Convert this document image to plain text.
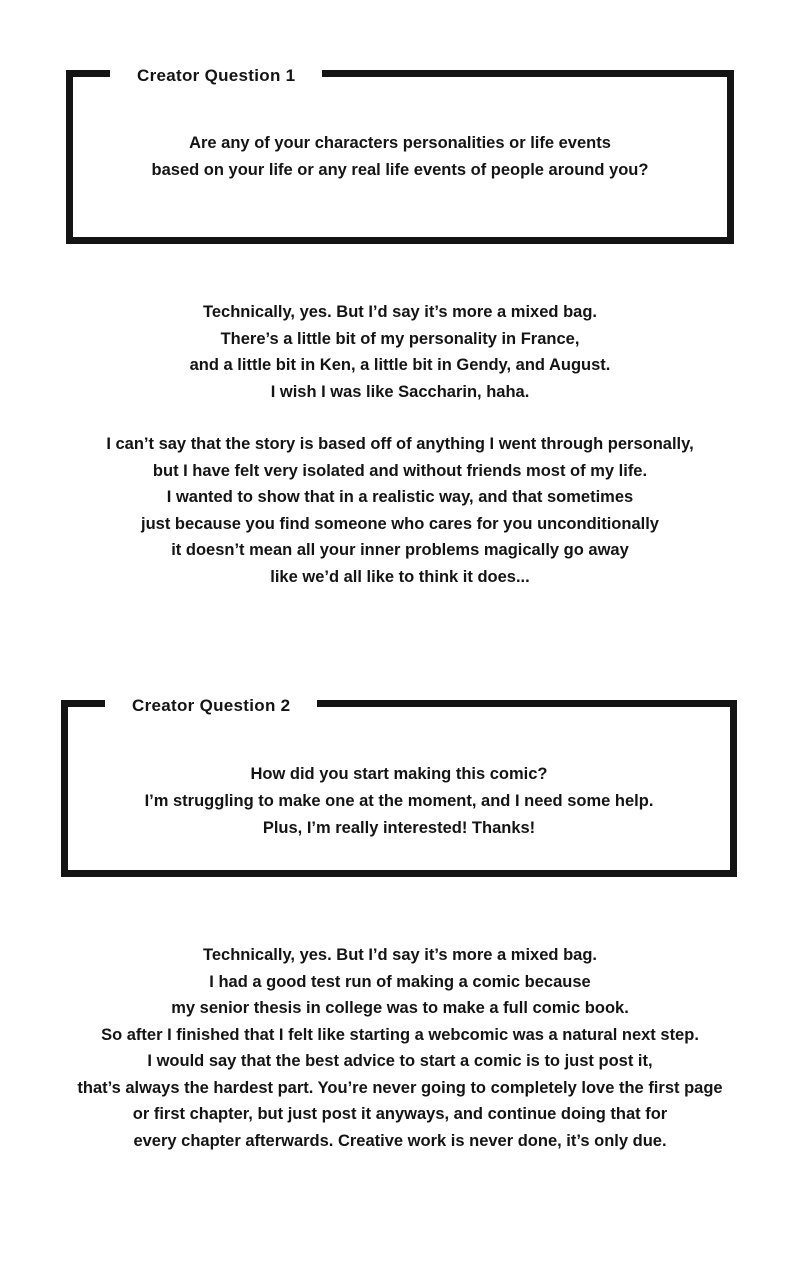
Creator Question 1
Are any of your characters personalities or life events
based on your life or any real life events of people around you?
Technically, yes. But I’d say it’s more a mixed bag.
There’s a little bit of my personality in France,
and a little bit in Ken, a little bit in Gendy, and August.
I wish I was like Saccharin, haha.
I can’t say that the story is based off of anything I went through personally,
but I have felt very isolated and without friends most of my life.
I wanted to show that in a realistic way, and that sometimes
just because you find someone who cares for you unconditionally
it doesn’t mean all your inner problems magically go away
like we’d all like to think it does...
Creator Question 2
How did you start making this comic?
I’m struggling to make one at the moment, and I need some help.
Plus, I’m really interested! Thanks!
Technically, yes. But I’d say it’s more a mixed bag.
I had a good test run of making a comic because
my senior thesis in college was to make a full comic book.
So after I finished that I felt like starting a webcomic was a natural next step.
I would say that the best advice to start a comic is to just post it,
that’s always the hardest part. You’re never going to completely love the first page
or first chapter, but just post it anyways, and continue doing that for
every chapter afterwards. Creative work is never done, it’s only due.
